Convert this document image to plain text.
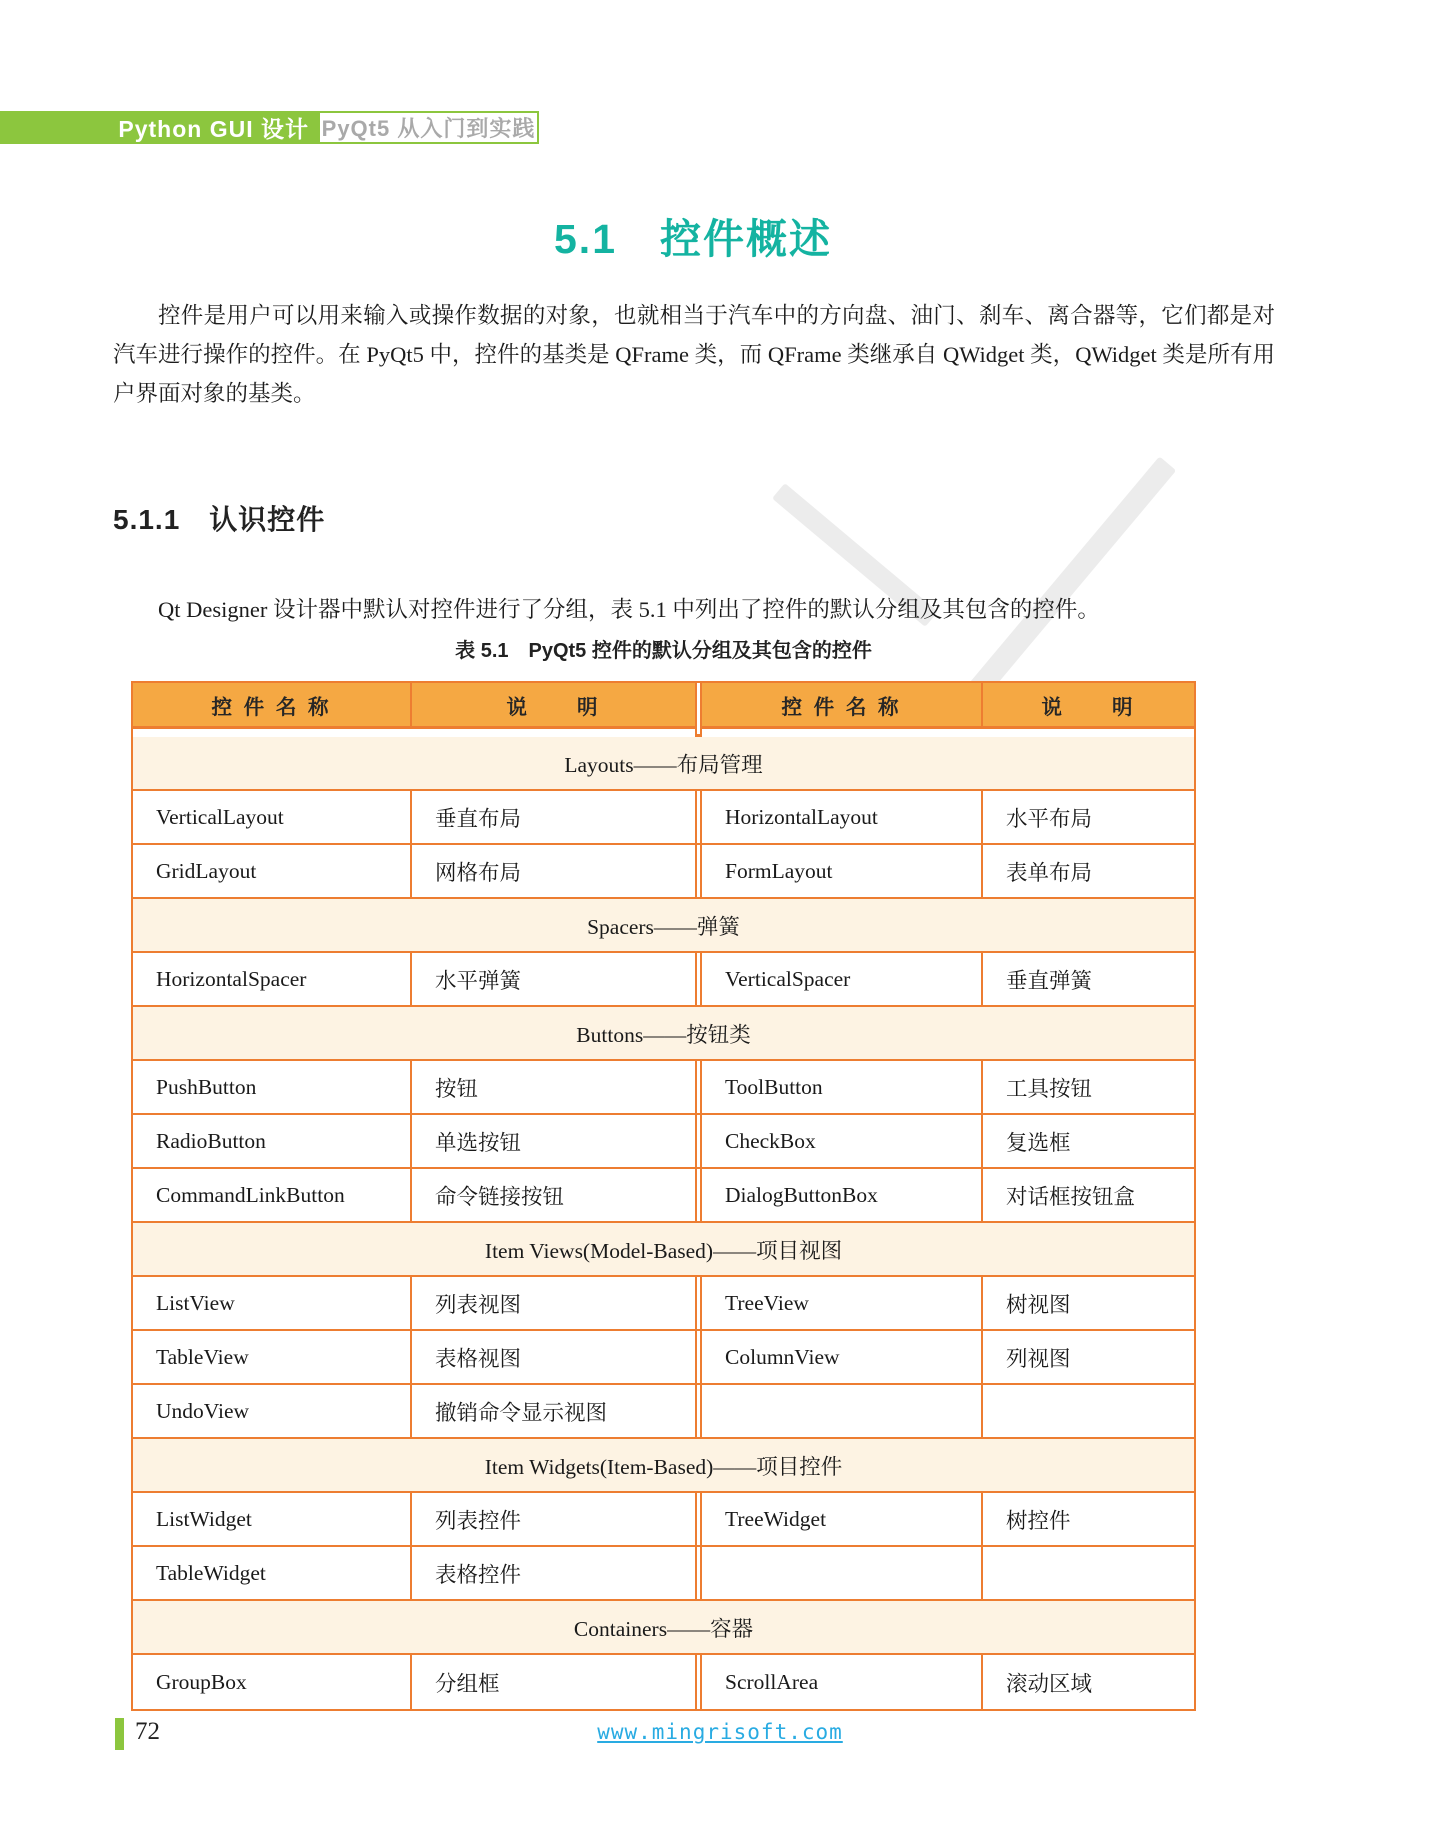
Python GUI 设计 PyQt5 从入门到实践
5.1　控件概述

控件是用户可以用来输入或操作数据的对象，也就相当于汽车中的方向盘、油门、刹车、离合器等，它们都是对汽车进行操作的控件。在 PyQt5 中，控件的基类是 QFrame 类，而 QFrame 类继承自 QWidget 类，QWidget 类是所有用户界面对象的基类。

5.1.1　认识控件

Qt Designer 设计器中默认对控件进行了分组，表 5.1 中列出了控件的默认分组及其包含的控件。

表 5.1　PyQt5 控件的默认分组及其包含的控件
控 件 名 称	说　　明	控 件 名 称	说　　明
Layouts——布局管理
VerticalLayout	垂直布局	HorizontalLayout	水平布局
GridLayout	网格布局	FormLayout	表单布局
Spacers——弹簧
HorizontalSpacer	水平弹簧	VerticalSpacer	垂直弹簧
Buttons——按钮类
PushButton	按钮	ToolButton	工具按钮
RadioButton	单选按钮	CheckBox	复选框
CommandLinkButton	命令链接按钮	DialogButtonBox	对话框按钮盒
Item Views(Model-Based)——项目视图
ListView	列表视图	TreeView	树视图
TableView	表格视图	ColumnView	列视图
UndoView	撤销命令显示视图
Item Widgets(Item-Based)——项目控件
ListWidget	列表控件	TreeWidget	树控件
TableWidget	表格控件
Containers——容器
GroupBox	分组框	ScrollArea	滚动区域
72	www.mingrisoft.com
